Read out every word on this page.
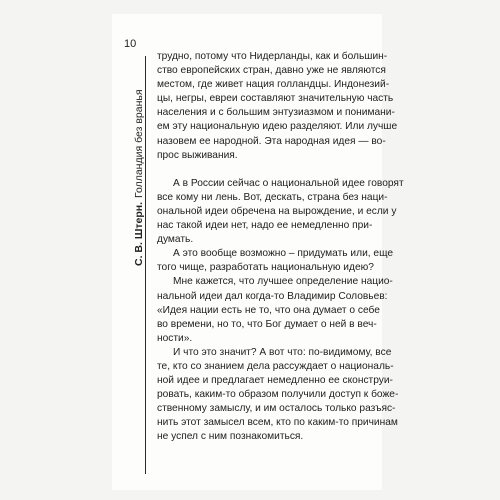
10
С. В. Штерн.
Голландия без вранья
трудно, потому что Нидерланды, как и большин-
ство европейских стран, давно уже не являются
местом, где живет нация голландцы. Индонезий-
цы, негры, евреи составляют значительную часть
населения и с большим энтузиазмом и понимани-
ем эту национальную идею разделяют. Или лучше
назовем ее народной. Эта народная идея — во-
прос выживания.
А в России сейчас о национальной идее говорят
все кому ни лень. Вот, дескать, страна без наци-
ональной идеи обречена на вырождение, и если у
нас такой идеи нет, надо ее немедленно при-
думать.
А это вообще возможно – придумать или, еще
того чище, разработать национальную идею?
Мне кажется, что лучшее определение нацио-
нальной идеи дал когда-то Владимир Соловьев:
«Идея нации есть не то, что она думает о себе
во времени, но то, что Бог думает о ней в веч-
ности».
И что это значит? А вот что: по-видимому, все
те, кто со знанием дела рассуждает о националь-
ной идее и предлагает немедленно ее сконструи-
ровать, каким-то образом получили доступ к боже-
ственному замыслу, и им осталось только разъяс-
нить этот замысел всем, кто по каким-то причинам
не успел с ним познакомиться.
